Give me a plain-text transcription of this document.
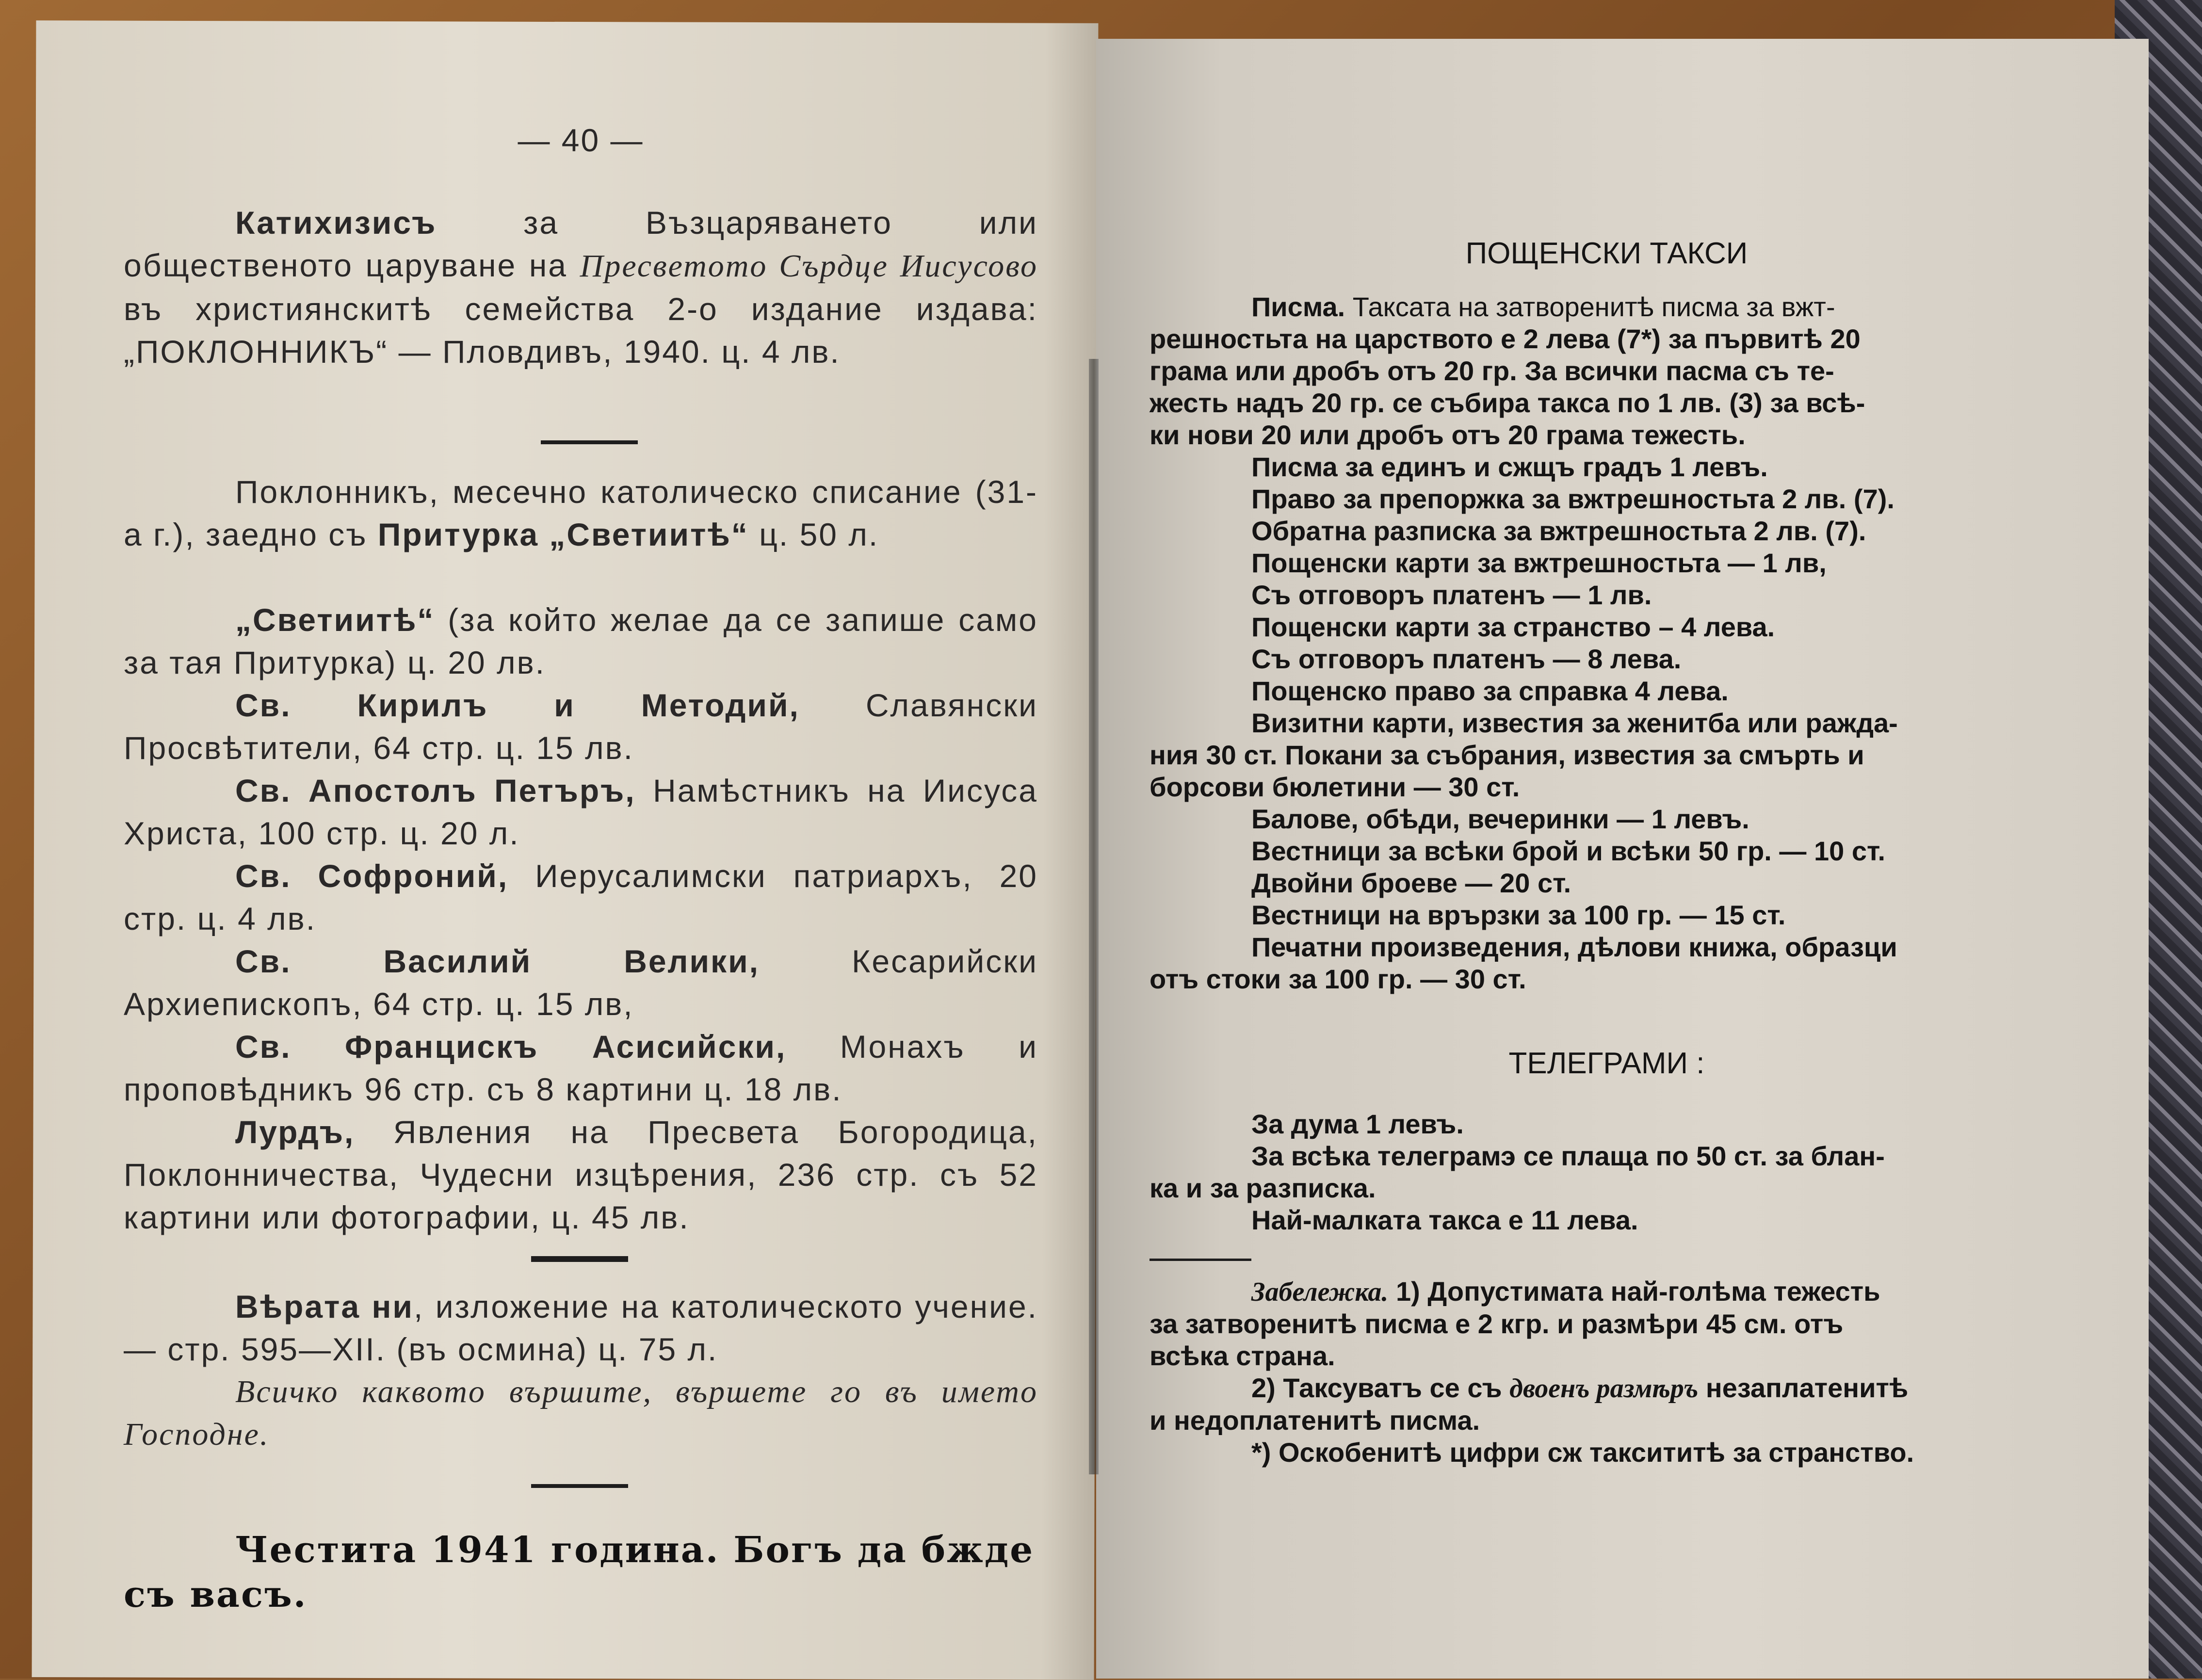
— 40 —
Катихизисъ за Възцаряването или общественото царуване на Пресветото Сърдце Иисусово въ християнскитѣ семейства 2-о издание издава: „ПОКЛОННИКЪ“ — Пловдивъ, 1940. ц. 4 лв.
Поклонникъ, месечно католическо списание (31-а г.), заедно съ Притурка „Светиитѣ“ ц. 50 л.
„Светиитѣ“ (за който желае да се запише само за тая Притурка) ц. 20 лв.
Св. Кирилъ и Методий, Славянски Просвѣтители, 64 стр. ц. 15 лв.
Св. Апостолъ Петъръ, Намѣстникъ на Иисуса Христа, 100 стр. ц. 20 л.
Св. Софроний, Иерусалимски патриархъ, 20 стр. ц. 4 лв.
Св. Василий Велики, Кесарийски Архиепископъ, 64 стр. ц. 15 лв,
Св. Францискъ Асисийски, Монахъ и проповѣдникъ 96 стр. съ 8 картини ц. 18 лв.
Лурдъ, Явления на Пресвета Богородица, Поклонничества, Чудесни изцѣрения, 236 стр. съ 52 картини или фотографии, ц. 45 лв.
Вѣрата ни, изложение на католическото учение. — стр. 595—XII. (въ осмина) ц. 75 л.
Всичко каквото вършите, вършете го въ името Господне.
Честита 1941 година. Богъ да бжде съ васъ.
ПОЩЕНСКИ ТАКСИ
Писма. Таксата на затворенитѣ писма за вжт-
решностьта на царството е 2 лева (7*) за първитѣ 20
грама или дробъ отъ 20 гр. За всички пасма съ те-
жесть надъ 20 гр. се събира такса по 1 лв. (3) за всѣ-
ки нови 20 или дробъ отъ 20 грама тежесть.
Писма за единъ и сжщъ градъ 1 левъ.
Право за препоржка за вжтрешностьта 2 лв. (7).
Обратна разписка за вжтрешностьта 2 лв. (7).
Пощенски карти за вжтрешностьта — 1 лв,
Съ отговоръ платенъ — 1 лв.
Пощенски карти за странство – 4 лева.
Съ отговоръ платенъ — 8 лева.
Пощенско право за справка 4 лева.
Визитни карти, известия за женитба или ражда-
ния 30 ст. Покани за събрания, известия за смърть и
борсови бюлетини — 30 ст.
Балове, обѣди, вечеринки — 1 левъ.
Вестници за всѣки брой и всѣки 50 гр. — 10 ст.
Двойни броеве — 20 ст.
Вестници на врързки за 100 гр. — 15 ст.
Печатни произведения, дѣлови книжа, образци
отъ стоки за 100 гр. — 30 ст.
ТЕЛЕГРАМИ :
За дума 1 левъ.
За всѣка телеграмэ се плаща по 50 ст. за блан-
ка и за разписка.
Най-малката такса е 11 лева.
Забележка. 1) Допустимата най-голѣма тежесть
за затворенитѣ писма е 2 кгр. и размѣри 45 см. отъ
всѣка страна.
2) Таксуватъ се съ двоенъ размѣръ незаплатенитѣ
и недоплатенитѣ писма.
*) Оскобенитѣ цифри сж таксититѣ за странство.
